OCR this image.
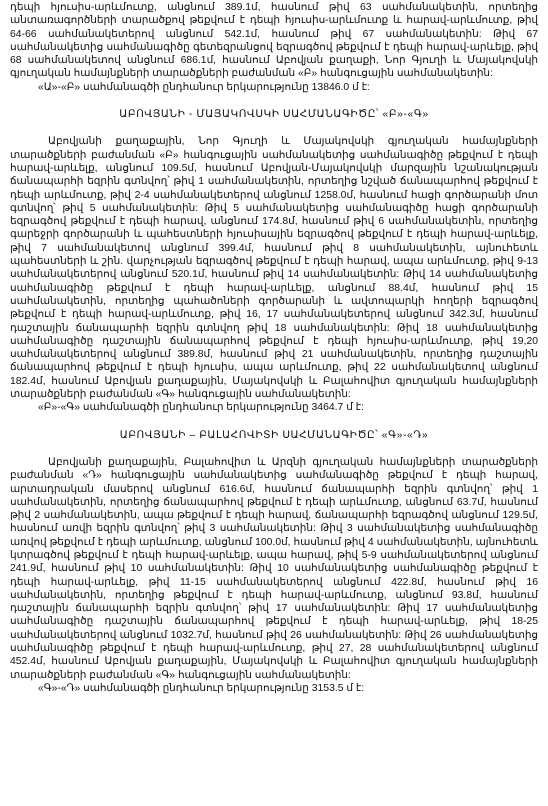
դեպի հյուսիս-արևմուտք, անցնում 389.1մ, հասնում թիվ 63 սահմանակետին, որտեղից անտառագործների տարածքով թեքվում է դեպի հյուսիս-արևմուտք և հարավ-արևմուտք, թիվ 64-66 սահմանակետերով անցնում 542.1մ, հասնում թիվ 67 սահմանակետին: Թիվ 67 սահմանակետից սահմանագիծը գետեզրանցով եզրագծով թեքվում է դեպի հարավ-արևելք, թիվ 68 սահմանակետով անցնում 686.1մ, հասնում Աբովյան քաղաքի, Նոր Գյուղի և Մայակովսկի գյուղական համայնքների տարածքների բաժանման «Բ» հանգուցային սահմանակետին:

«Ա»-«Բ» սահմանագծի ընդհանուր երկարությունը 13846.0 մ է:

ԱԲՈՎՅԱՆԻ - ՄԱՅԱԿՈՎՍԿԻ ՍԱՀՄԱՆԱԳԻԾԸ՝ «Բ»-«Գ»

Աբովյանի քաղաքային, Նոր Գյուղի և Մայակովսկի գյուղական համայնքների տարածքների բաժանման «Բ» հանգուցային սահմանակետից սահմանագիծը թեքվում է դեպի հարավ-արևելք, անցնում 109.5մ, հասնում Աբովյան-Մայակովսկի մարզային նշանակության ճանապարհի եզրին գտնվող՝ թիվ 1 սահմանակետին, որտեղից նշված ճանապարհով թեքվում է դեպի արևմուտք, թիվ 2-4 սահմանակետերով անցնում 1258.0մ, հասնում հացի գործարանի մոտ գտնվող՝ թիվ 5 սահմանակետին: Թիվ 5 սահմանակետից սահմանագիծը հացի գործարանի եզրագծով թեքվում է դեպի հարավ, անցնում 174.8մ, հասնում թիվ 6 սահմանակետին, որտեղից գարեջրի գործարանի և պահեստների հյուսիսային եզրագծով թեքվում է դեպի հարավ-արևելք, թիվ 7 սահմանակետով անցնում 399.4մ, հասնում թիվ 8 սահմանակետին, այնուհետև պահեստների և շին. վարչության եզրագծով թեքվում է դեպի հարավ, ապա արևմուտք, թիվ 9-13 սահմանակետերով անցնում 520.1մ, հասնում թիվ 14 սահմանակետին: Թիվ 14 սահմանակետից սահմանագիծը թեքվում է դեպի հարավ-արևելք, անցնում 88.4մ, հասնում թիվ 15 սահմանակետին, որտեղից պահածոների գործարանի և ավտոպարկի հողերի եզրագծով թեքվում է դեպի հարավ-արևմուտք, թիվ 16, 17 սահմանակետերով անցնում 342.3մ, հասնում դաշտային ճանապարհի եզրին գտնվող թիվ 18 սահմանակետին: Թիվ 18 սահմանակետից սահմանագիծը դաշտային ճանապարհով թեքվում է դեպի հյուսիս-արևմուտք, թիվ 19,20 սահմանակետերով անցնում 389.8մ, հասնում թիվ 21 սահմանակետին, որտեղից դաշտային ճանապարհով թեքվում է դեպի հյուսիս, ապա արևմուտք, թիվ 22 սահմանակետով անցնում 182.4մ, հասնում Աբովյան քաղաքային, Մայակովսկի և Բալահովիտ գյուղական համայնքների տարածքների բաժանման «Գ» հանգուցային սահմանակետին:

«Բ»-«Գ» սահմանագծի ընդհանուր երկարությունը 3464.7 մ է:

ԱԲՈՎՅԱՆԻ – ԲԱԼԱՀՈՎԻՏԻ ՍԱՀՄԱՆԱԳԻԾԸ՝ «Գ»-«Դ»

Աբովյանի քաղաքային, Բալահովիտ և Արզնի գյուղական համայնքների տարածքների բաժանման «Դ» հանգուցային սահմանակետից սահմանագիծը թեքվում է դեպի հարավ, արտադրական մասերով անցնում 616.6մ, հասնում ճանապարհի եզրին գտնվող՝ թիվ 1 սահմանակետին, որտեղից ճանապարհով թեքվում է դեպի արևմուտք, անցնում 63.7մ, հասնում թիվ 2 սահմանակետին, ապա թեքվում է դեպի հարավ, ճանապարհի եզրագծով անցնում 129.5մ, հասնում առվի եզրին գտնվող՝ թիվ 3 սահմանակետին: Թիվ 3 սահմանակետից սահմանագիծը առվով թեքվում է դեպի արևմուտք, անցնում 100.0մ, հասնում թիվ 4 սահմանակետին, այնուհետև կտրագծով թեքվում է դեպի հարավ-արևելք, ապա հարավ, թիվ 5-9 սահմանակետերով անցնում 241.9մ, հասնում թիվ 10 սահմանակետին: Թիվ 10 սահմանակետից սահմանագիծը թեքվում է դեպի հարավ-արևելք, թիվ 11-15 սահմանակետերով անցնում 422.8մ, հասնում թիվ 16 սահմանակետին, որտեղից թեքվում է դեպի հարավ-արևմուտք, անցնում 93.8մ, հասնում դաշտային ճանապարհի եզրին գտնվող՝ թիվ 17 սահմանակետին: Թիվ 17 սահմանակետից սահմանագիծը դաշտային ճանապարհով թեքվում է դեպի հարավ-արևելք, թիվ 18-25 սահմանակետերով անցնում 1032.7մ, հասնում թիվ 26 սահմանակետին: Թիվ 26 սահմանակետից սահմանագիծը թեքվում է դեպի հարավ-արևմուտք, թիվ 27, 28 սահմանակետերով անցնում 452.4մ, հասնում Աբովյան քաղաքային, Մայակովսկի և Բալահովիտ գյուղական համայնքների տարածքների բաժանման «Գ» հանգուցային սահմանակետին:

«Գ»-«Դ» սահմանագծի ընդհանուր երկարությունը 3153.5 մ է:
